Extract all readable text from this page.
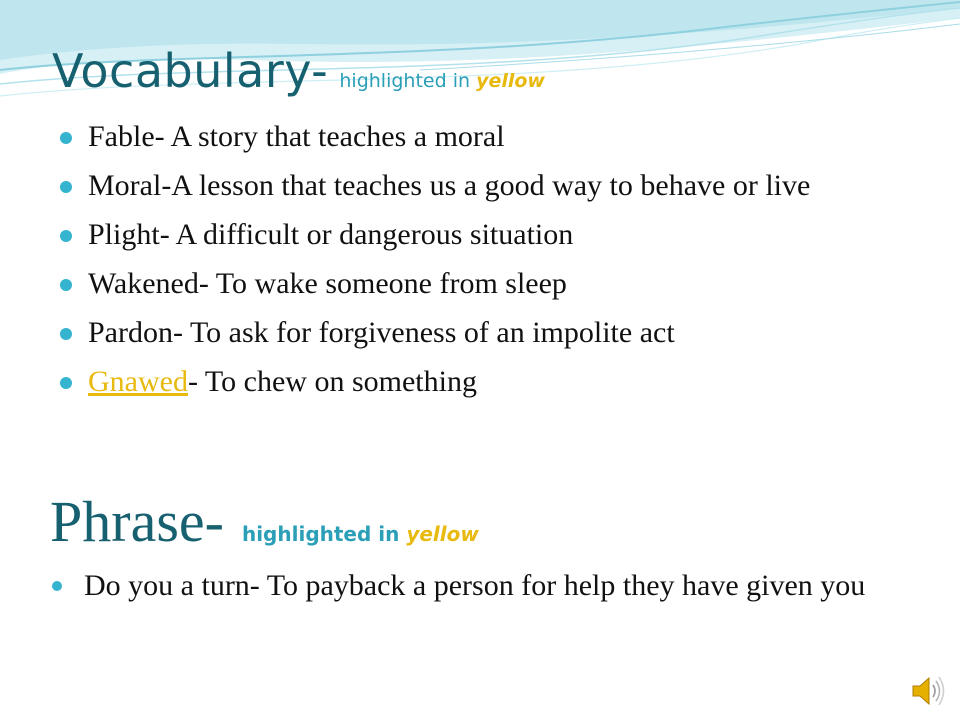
Vocabulary- highlighted in yellow
Fable- A story that teaches a moral
Moral-A lesson that teaches us a good way to behave or live
Plight- A difficult or dangerous situation
Wakened- To wake someone from sleep
Pardon- To ask for forgiveness of an impolite act
Gnawed- To chew on something
Phrase- highlighted in yellow
Do you a turn- To payback a person for help they have given you
